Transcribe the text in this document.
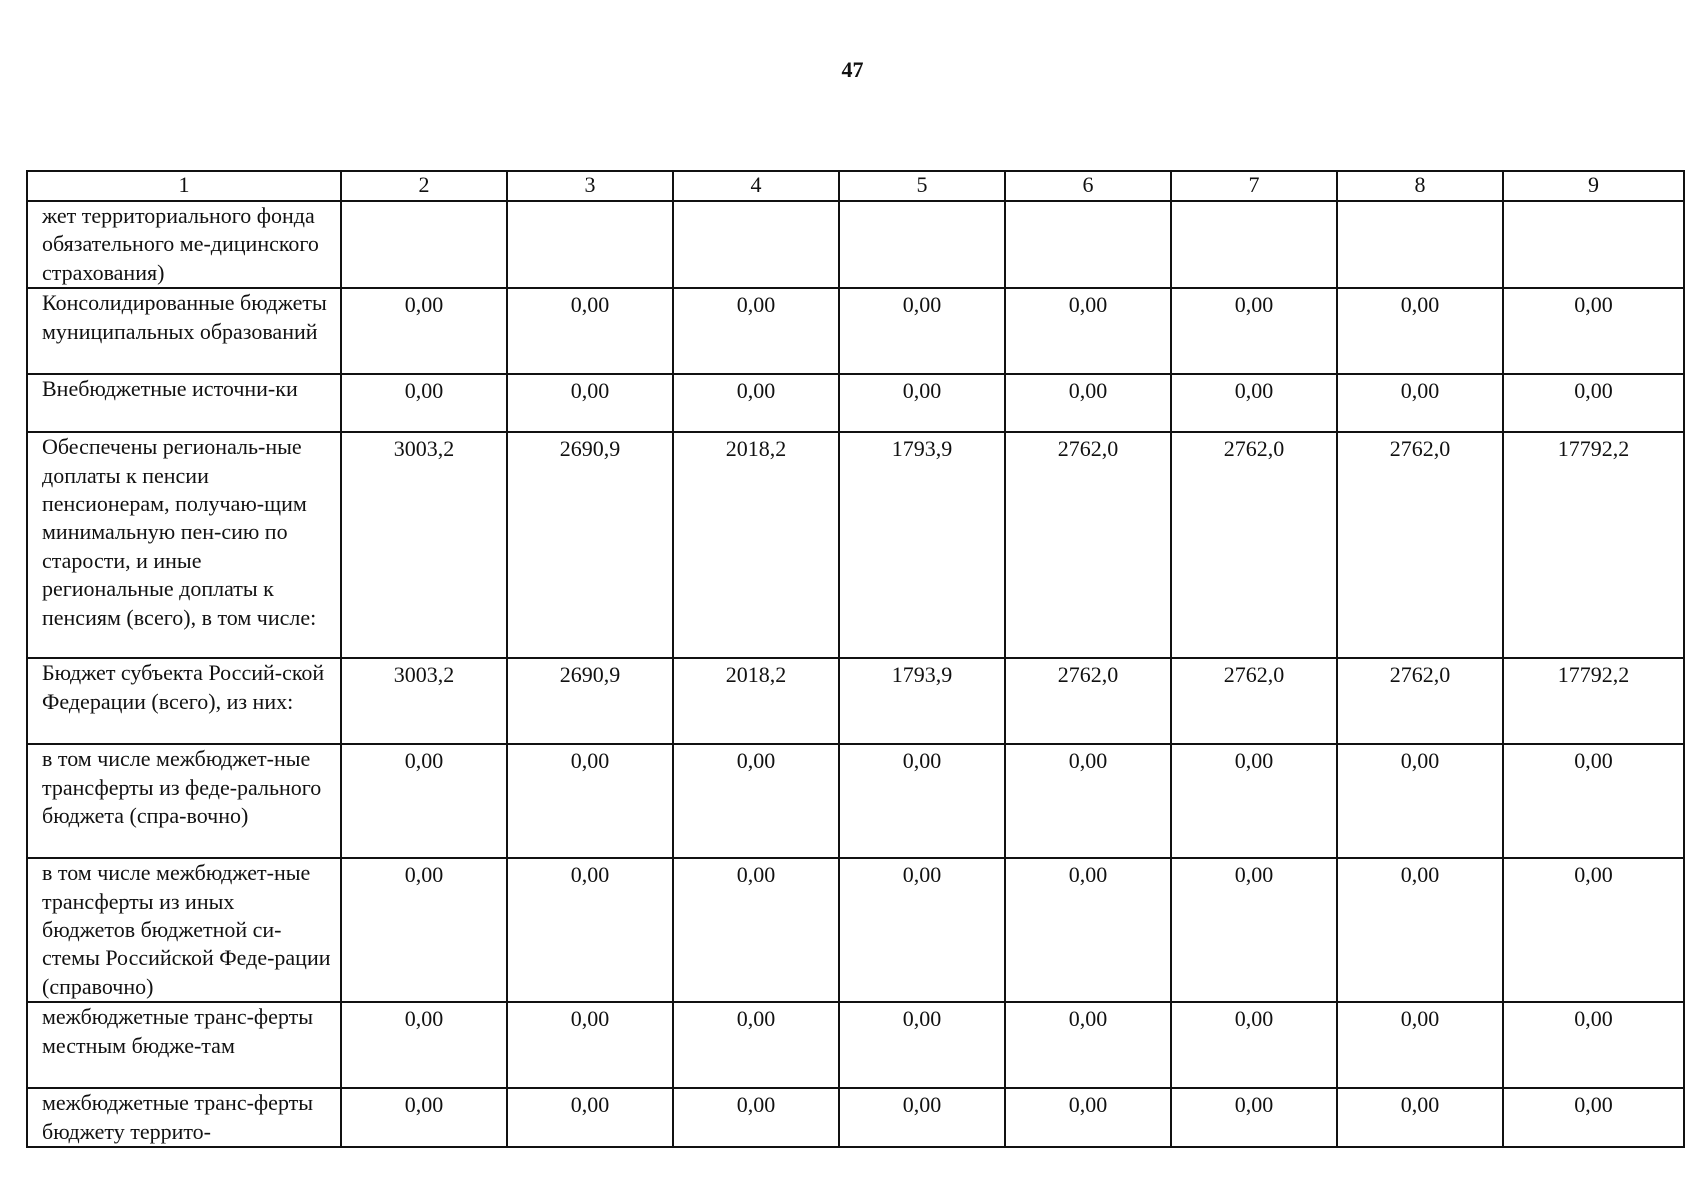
47
1	2	3	4	5	6	7	8	9
жет территориального фонда обязательного ме-дицинского страхования)								
Консолидированные бюджеты муниципальных образований	0,00	0,00	0,00	0,00	0,00	0,00	0,00	0,00
Внебюджетные источни-ки	0,00	0,00	0,00	0,00	0,00	0,00	0,00	0,00
Обеспечены региональ-ные доплаты к пенсии пенсионерам, получаю-щим минимальную пен-сию по старости, и иные региональные доплаты к пенсиям (всего), в том числе:	3003,2	2690,9	2018,2	1793,9	2762,0	2762,0	2762,0	17792,2
Бюджет субъекта Россий-ской Федерации (всего), из них:	3003,2	2690,9	2018,2	1793,9	2762,0	2762,0	2762,0	17792,2
в том числе межбюджет-ные трансферты из феде-рального бюджета (спра-вочно)	0,00	0,00	0,00	0,00	0,00	0,00	0,00	0,00
в том числе межбюджет-ные трансферты из иных бюджетов бюджетной си-стемы Российской Феде-рации (справочно)	0,00	0,00	0,00	0,00	0,00	0,00	0,00	0,00
межбюджетные транс-ферты местным бюдже-там	0,00	0,00	0,00	0,00	0,00	0,00	0,00	0,00
межбюджетные транс-ферты бюджету террито-	0,00	0,00	0,00	0,00	0,00	0,00	0,00	0,00
